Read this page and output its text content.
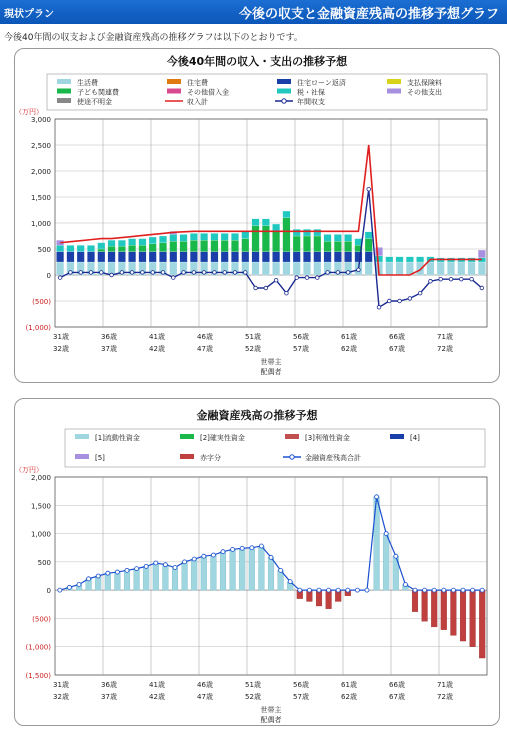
現状プラン	今後の収支と金融資産残高の推移予想グラフ
今後40年間の収支および金融資産残高の推移グラフは以下のとおりです。
今後40年間の収入・支出の推移予想
生活費	住宅費	住宅ローン返済	支払保険料
子ども関連費	その他借入金	税・社保	その他支出
使途不明金	収入計	年間収支
（万円）
(1,000)
(500)
0
500
1,000
1,500
2,000
2,500
3,000
31歳
32歳
36歳
37歳
41歳
42歳
46歳
47歳
51歳
52歳
56歳
57歳
61歳
62歳
66歳
67歳
71歳
72歳
世帯主
配偶者
金融資産残高の推移予想
[1]流動性資金	[2]確実性資金	[3]利殖性資金	[4]
[5]	赤字分	金融資産残高合計
（万円）
(1,500)
(1,000)
(500)
0
500
1,000
1,500
2,000
31歳
32歳
36歳
37歳
41歳
42歳
46歳
47歳
51歳
52歳
56歳
57歳
61歳
62歳
66歳
67歳
71歳
72歳
世帯主
配偶者
